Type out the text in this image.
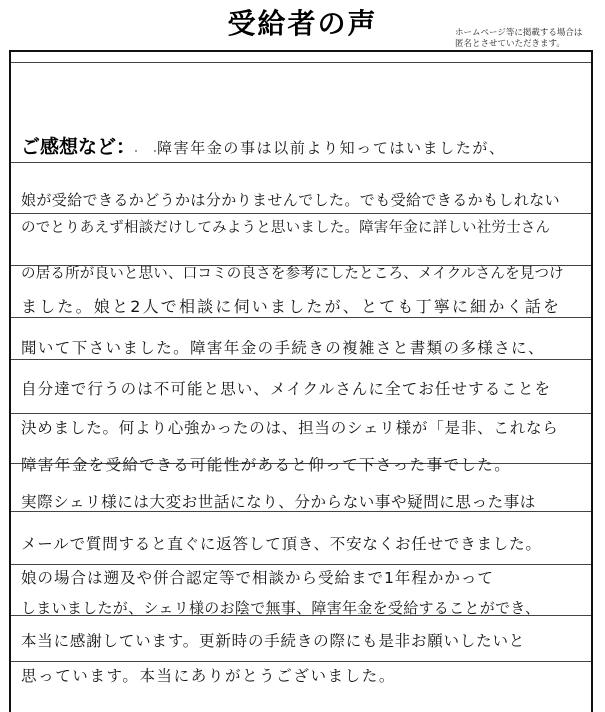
受給者の声	ホームページ等に掲載する場合は
匿名とさせていただきます。
ご感想など： 障害年金の事は以前より知ってはいましたが、
娘が受給できるかどうかは分かりませんでした。でも受給できるかもしれない
のでとりあえず相談だけしてみようと思いました。障害年金に詳しい社労士さん
の居る所が良いと思い、口コミの良さを参考にしたところ、メイクルさんを見つけ
ました。娘と2人で相談に伺いましたが、とても丁寧に細かく話を
聞いて下さいました。障害年金の手続きの複雑さと書類の多様さに、
自分達で行うのは不可能と思い、メイクルさんに全てお任せすることを
決めました。何より心強かったのは、担当のシェリ様が「是非、これなら
障害年金を受給できる可能性があると仰って下さった事でした。
実際シェリ様には大変お世話になり、分からない事や疑問に思った事は
メールで質問すると直ぐに返答して頂き、不安なくお任せできました。
娘の場合は遡及や併合認定等で相談から受給まで1年程かかって
しまいましたが、シェリ様のお陰で無事、障害年金を受給することができ、
本当に感謝しています。更新時の手続きの際にも是非お願いしたいと
思っています。本当にありがとうございました。
